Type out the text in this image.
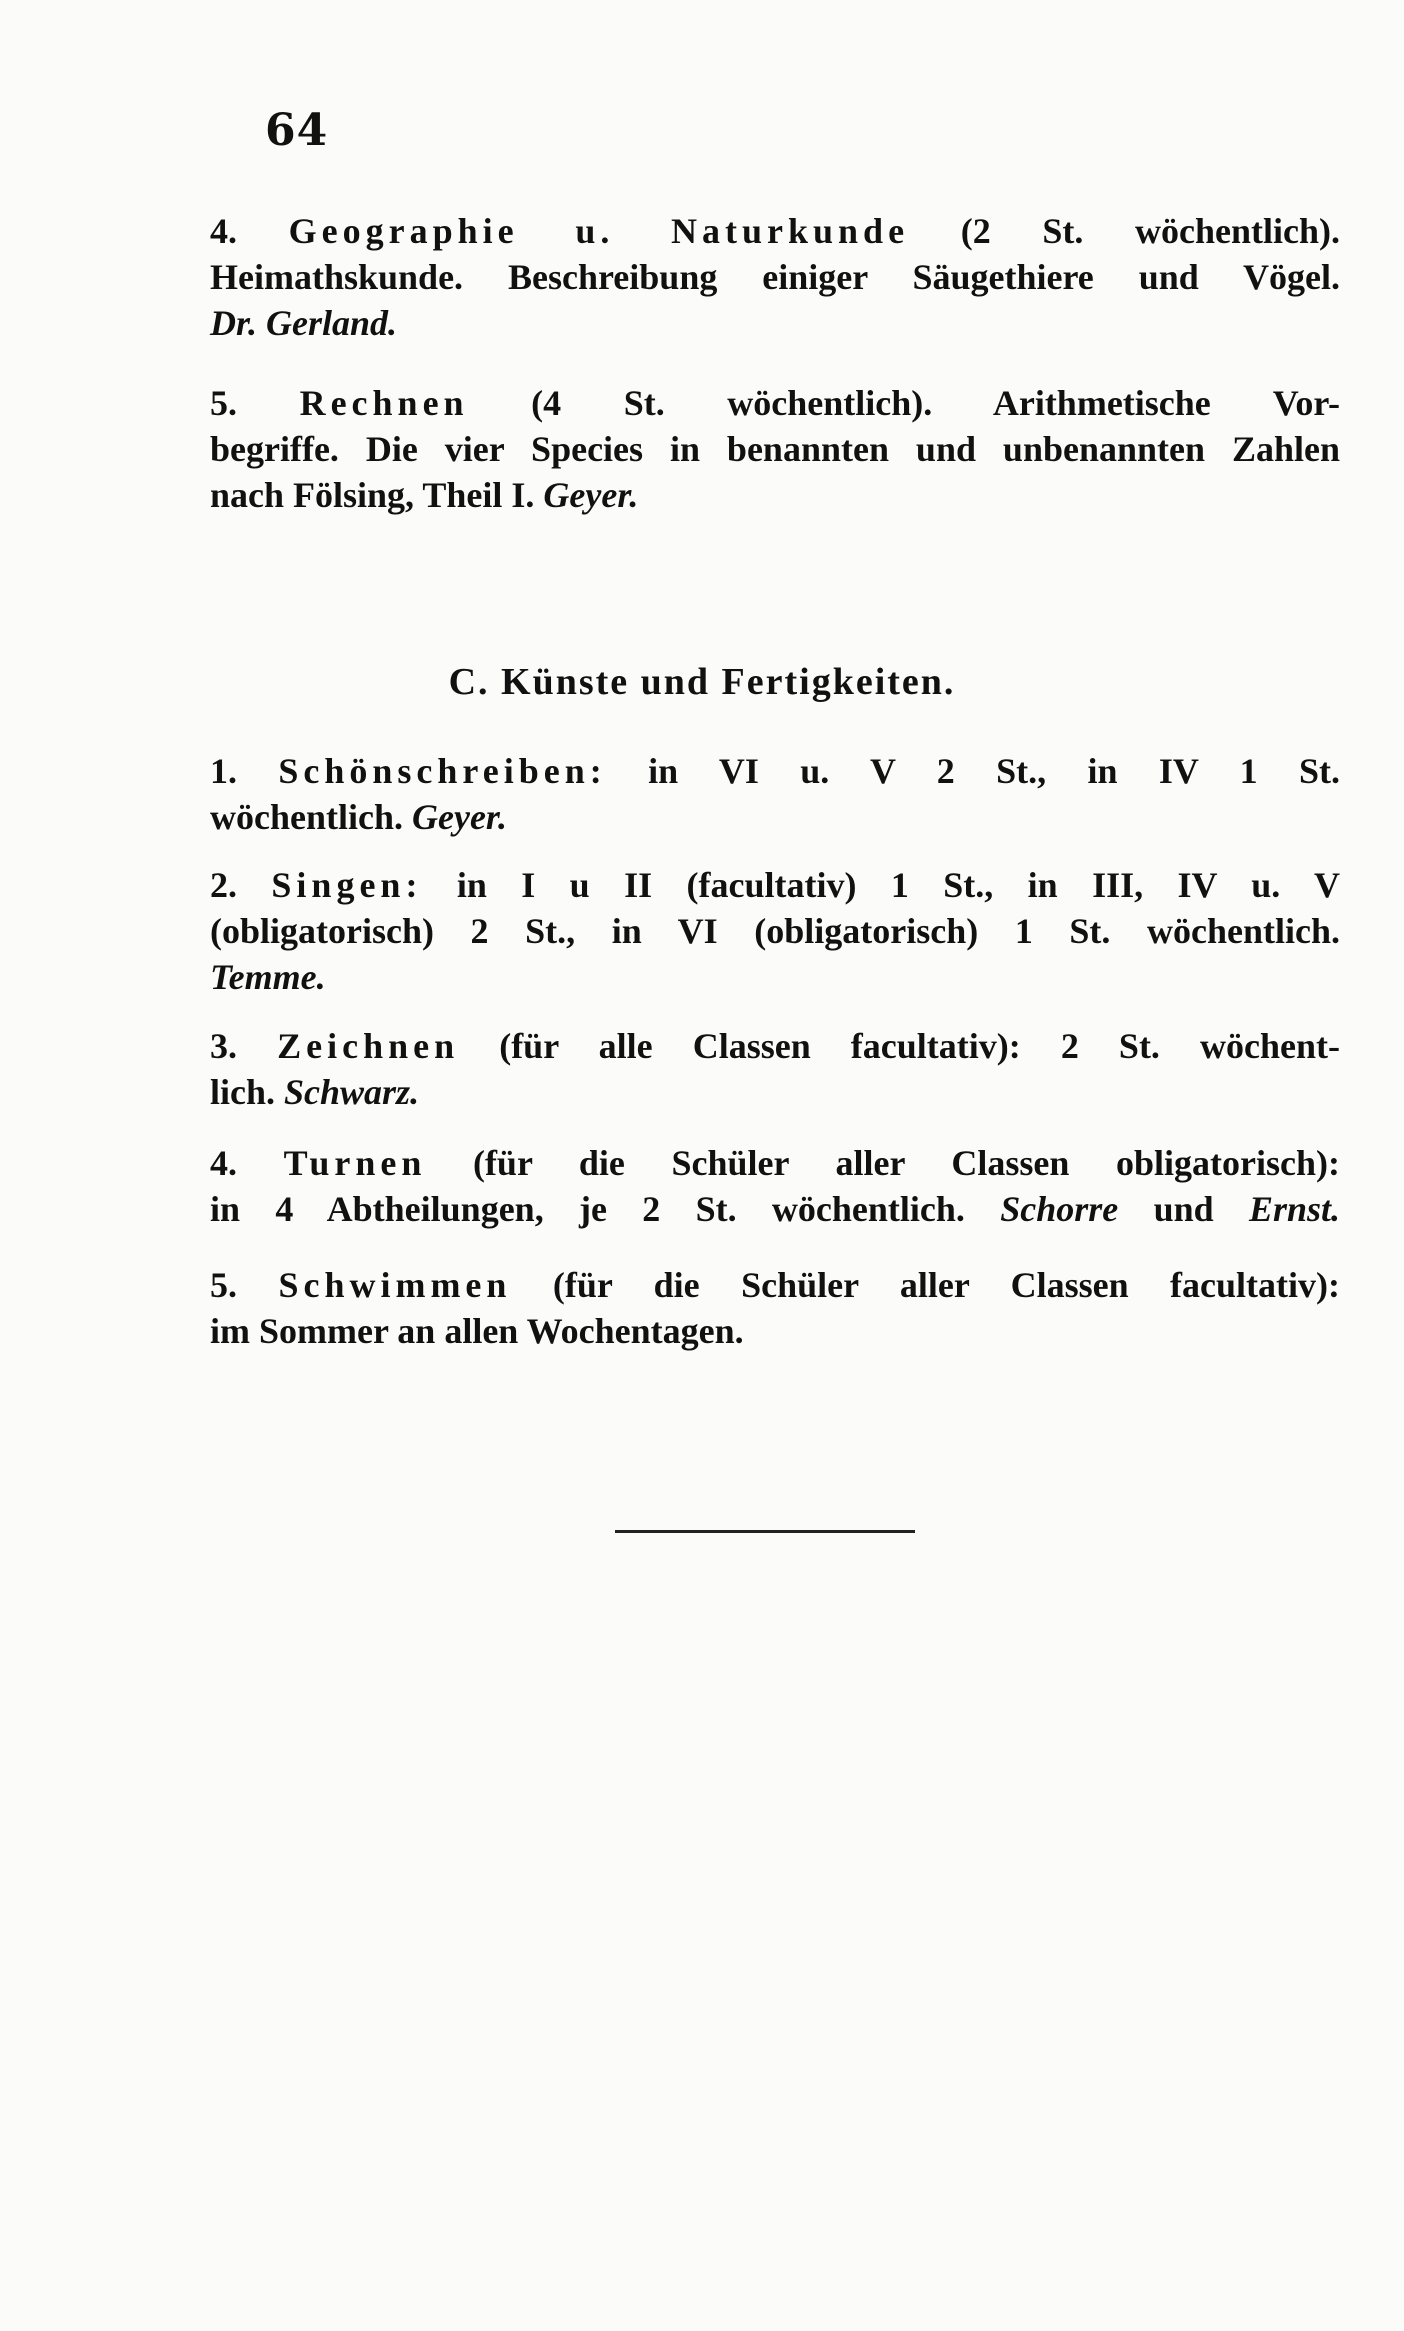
64
4. Geographie u. Naturkunde (2 St. wöchentlich).
Heimathskunde. Beschreibung einiger Säugethiere und Vögel.
Dr. Gerland.
5. Rechnen (4 St. wöchentlich). Arithmetische Vor-
begriffe. Die vier Species in benannten und unbenannten Zahlen
nach Fölsing, Theil I. Geyer.
C. Künste und Fertigkeiten.
1. Schönschreiben: in VI u. V 2 St., in IV 1 St.
wöchentlich. Geyer.
2. Singen: in I u II (facultativ) 1 St., in III, IV u. V
(obligatorisch) 2 St., in VI (obligatorisch) 1 St. wöchentlich.
Temme.
3. Zeichnen (für alle Classen facultativ): 2 St. wöchent-
lich. Schwarz.
4. Turnen (für die Schüler aller Classen obligatorisch):
in 4 Abtheilungen, je 2 St. wöchentlich. Schorre und Ernst.
5. Schwimmen (für die Schüler aller Classen facultativ):
im Sommer an allen Wochentagen.
